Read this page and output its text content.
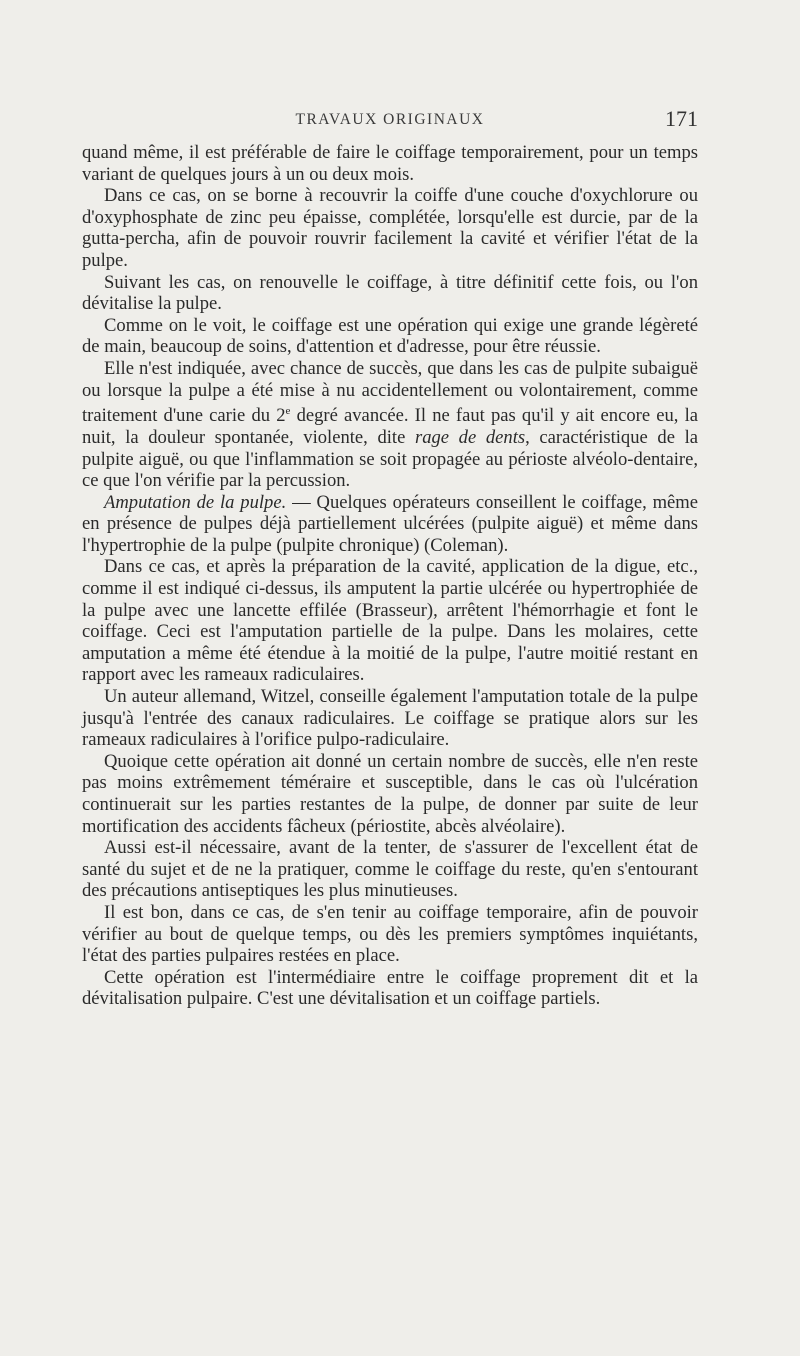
TRAVAUX ORIGINAUX	171

quand même, il est préférable de faire le coiffage temporairement, pour un temps variant de quelques jours à un ou deux mois.

Dans ce cas, on se borne à recouvrir la coiffe d'une couche d'oxychlorure ou d'oxyphosphate de zinc peu épaisse, complétée, lorsqu'elle est durcie, par de la gutta-percha, afin de pouvoir rouvrir facilement la cavité et vérifier l'état de la pulpe.

Suivant les cas, on renouvelle le coiffage, à titre définitif cette fois, ou l'on dévitalise la pulpe.

Comme on le voit, le coiffage est une opération qui exige une grande légèreté de main, beaucoup de soins, d'attention et d'adresse, pour être réussie.

Elle n'est indiquée, avec chance de succès, que dans les cas de pulpite subaiguë ou lorsque la pulpe a été mise à nu accidentellement ou volontairement, comme traitement d'une carie du 2e degré avancée. Il ne faut pas qu'il y ait encore eu, la nuit, la douleur spontanée, violente, dite rage de dents, caractéristique de la pulpite aiguë, ou que l'inflammation se soit propagée au périoste alvéolo-dentaire, ce que l'on vérifie par la percussion.

Amputation de la pulpe. — Quelques opérateurs conseillent le coiffage, même en présence de pulpes déjà partiellement ulcérées (pulpite aiguë) et même dans l'hypertrophie de la pulpe (pulpite chronique) (Coleman).

Dans ce cas, et après la préparation de la cavité, application de la digue, etc., comme il est indiqué ci-dessus, ils amputent la partie ulcérée ou hypertrophiée de la pulpe avec une lancette effilée (Brasseur), arrêtent l'hémorrhagie et font le coiffage. Ceci est l'amputation partielle de la pulpe. Dans les molaires, cette amputation a même été étendue à la moitié de la pulpe, l'autre moitié restant en rapport avec les rameaux radiculaires.

Un auteur allemand, Witzel, conseille également l'amputation totale de la pulpe jusqu'à l'entrée des canaux radiculaires. Le coiffage se pratique alors sur les rameaux radiculaires à l'orifice pulpo-radiculaire.

Quoique cette opération ait donné un certain nombre de succès, elle n'en reste pas moins extrêmement téméraire et susceptible, dans le cas où l'ulcération continuerait sur les parties restantes de la pulpe, de donner par suite de leur mortification des accidents fâcheux (périostite, abcès alvéolaire).

Aussi est-il nécessaire, avant de la tenter, de s'assurer de l'excellent état de santé du sujet et de ne la pratiquer, comme le coiffage du reste, qu'en s'entourant des précautions antiseptiques les plus minutieuses.

Il est bon, dans ce cas, de s'en tenir au coiffage temporaire, afin de pouvoir vérifier au bout de quelque temps, ou dès les premiers symptômes inquiétants, l'état des parties pulpaires restées en place.

Cette opération est l'intermédiaire entre le coiffage proprement dit et la dévitalisation pulpaire. C'est une dévitalisation et un coiffage partiels.
